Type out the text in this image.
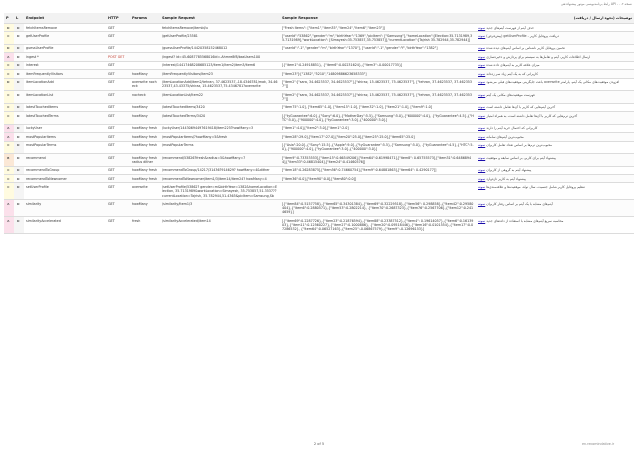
رابط برنامه‌نویسی موتور پیشنهاددهی API - نسخه ۰.۲
P	L	Endpoint	HTTP	Params	Sample Request	Sample Response	توضیحات (نحوه ارسال / دریافت)
D	D	fetchItemsRemove	GET		fetchItemsRemove/itemId/u	["Fresh Items": ["item1","item35","item24","item6","item23"]]	حذف آیتم از فهرست آیتم‌های جدید نمونه
C	D	getUserProfile	GET		/getUserProfile/23581	["userId":"53862","gender":"m","birthYear":"1369","picItem": ["Samsung"],"homeLocation":[Election:35.7131989,35.7131989],"workLocation": [Simayesh:35.753857,35.753857]],"currentLocation":[Tajrish 35.782944,35.782944]]	دریافت پروفایل کاربر - getUserProfile (پیش‌فرض) نمونه
D	D	guessUserProfile	GET		/guessUserProfile/14420358152468012	["userId":"-1","gender":"m","birthYear":"1370"], ["userId":"-1","gender":"f","birthYear":"1382"]	تخمین پروفایل کاربر ناشناس بر اساس آیتم‌های دیده شده نمونه
A	D	ingest *	POST GET		/ingest? id=45-6087785568016id=-Ahmre8f8/basUsers100		ارسال اطلاعات کاربر، آیتم و تعامل‌ها به سیستم برای پردازش و ذخیره‌سازی نمونه
C	D	interest	GET		/interest/14417468208685123/item1/item2/item3/item6	[{"item1":0.24918851}, {"item6":0.00231624},{"item3":-0.00017735}]	میزان علاقه کاربر به آیتم‌های داده شده نمونه
C	D	itemFrequentlyVisitors	GET	howMany	/itemFrequentlyVisitors/item23	["item23"]:["1382","5210","14809886623658333"]	کاربرانی که به یک آیتم زیاد سر زده‌اند نمونه
D	D	itemLocationAdd	GET	overwrite nocheck	/itemLocationAdd/item2/tehran, 37.4623537,-18.4346781/mak, 34.4623537,43.43375/shiraz, 15.4623537,75.4346781?overwrite	["item2":["sara, 34.4623537, 34.4623537"],["shiraz, 15.4623537, 75.4623537"], ["tehran, 37.4623537, 37.4623537"]]	افزودن موقعیت‌های مکانی یک آیتم. پارامتر overwrite باعث جایگزینی موقعیت‌های قبلی می‌شود نمونه
C	D	itemLocationList	GET	nocheck	/itemLocationList/item22	["item2":["sara, 34.4623537, 34.4623537"],["shiraz, 15.4623537, 75.4623537"], ["tehran, 37.4623537, 37.4623537"]]	فهرست موقعیت‌های مکانی یک آیتم نمونه
C	D	latestTouchedItems	GET	howMany	/latestTouchedItems/3420	["item75":1.0], ["item65":1.0], ["item15":1.0], ["item32":1.0], ["item21":1.0], ["item9":1.0]	آخرین آیتم‌هایی که کاربر با آن‌ها تعامل داشته است نمونه
C	D	latestTouchedTerms	GET	howMany	/latestTouchedTerms/3420	[{"tyGuarantee":6.0},{"Sony":6.0},{"MotherDay":5.5},{"Samsung":5.0},{"600000":4.0}, {"tyGuarantee":4.5},{"HTC":5.0},{"900000":4.0},{"tyGuarantee":3.0},{"400000":3.0}]	آخرین ترم‌هایی که کاربر با آن‌ها تعامل داشته است، به همراه امتیاز نمونه
A	D	luckyUser	GET	howMany fresh	/luckyUser/14430694497619418/item225?howMany=3	["item1":4.0],["item2":3.0],["item1":2.0]	کاربرانی که احتمال خرید آیتم را دارند نمونه
A	D	mostPopularItems	GET	howMany fresh	/mostPopularItems/?howMany=5&fresh	["item28":29.0],["item17":27.0],["item20":25.0],["item25":25.0],["item65":25.0]	محبوب‌ترین آیتم‌های سامانه نمونه
C	D	mostPopularTerms	GET	howMany fresh	/mostPopularTerms	[{"Asia":20.0},{"Sony":15.5},{"Apple":9.0},{"tyGuarantee":5.5},{"Samsung":5.0}, {"tyGuarantee":4.5},{"HTC":5.0},{"900000":4.0},{"tyGuarantee":3.0},{"400000":3.0}]	محبوب‌ترین ترم‌ها بر اساس تعداد تعامل کاربران نمونه
B	D	recommend	GET	howMany fresh radius dither	/recommend/53826?fresh&radius=5&howMany=7	["item9":0.73353553],["item15":0.66549206],["item64":0.61998471],["item8": 0.65755573],["item31":0.64868944],["item33":0.46815404],["item24":0.41460576]]	پیشنهاد آیتم برای کاربر، بر اساس سابقه و موقعیت نمونه
C	D	recommendToGroup	GET	howMany fresh	/recommendToGroup/14217/31436?914629? howMany=4&dither	["item18":0.26283875],["item56":0.74660754],["item9":0.64881863],["item64": 0.4290177]]	پیشنهاد آیتم به گروهی از کاربران نمونه
C	D	recommendToNewcomer	GET	howMany fresh	/recommendToNewcomer/item1/3/item14/item24? howMany=4	["item36":0.0],["item90":0.0],["item80":0.0]]	پیشنهاد آیتم به کاربر تازه‌وارد نمونه
C	D	setUserProfile	GET	overwrite	/setUserProfile/53862? gender=m&birthYear=1382&homeLocation=Election, 35.7131989&workLocation=Simayesh, 35.753857,51.3537??currentLocation=Tajrish, 35.782944,51.4365&picItem=Samsung,Sb		تنظیم پروفایل کاربر شامل جنسیت، سال تولد، موقعیت‌ها و علاقه‌مندی‌ها نمونه
A	D	similarity	GET	howMany	/similarity/item1/3	[{"item84":0.5157758},{"item65":0.34301384},{"item69":0.32229518},{"item56": 0.298858},{"item42":0.29580404},{"item6":0.2880571},{"item53":0.2802214}, {"item70":0.2687323},{"item76":0.2567706},{"item12":0.2414659}]	آیتم‌های مشابه با یک آیتم بر اساس رفتار کاربران نمونه
A	D	similarityAccelerated	GET	fresh	/similarityAccelerated/item14	[{"item69":0.2287726},{"item23":0.21876594},{"item88":0.23387512},{"item4": 0.19614057},{"item6":0.1613903},{"item11":0.12560227},{"item27":0.1000886}, {"item20":0.09518446},{"item16":0.0101554},{"item17":0.07286532}, {"item64":0.06527163},{"item25":-0.06867579},{"item9":-0.12696153}]	محاسبه سریع آیتم‌های مشابه با استفاده از داده‌های جدید نمونه
2 of 5	en.recomindative.ir
